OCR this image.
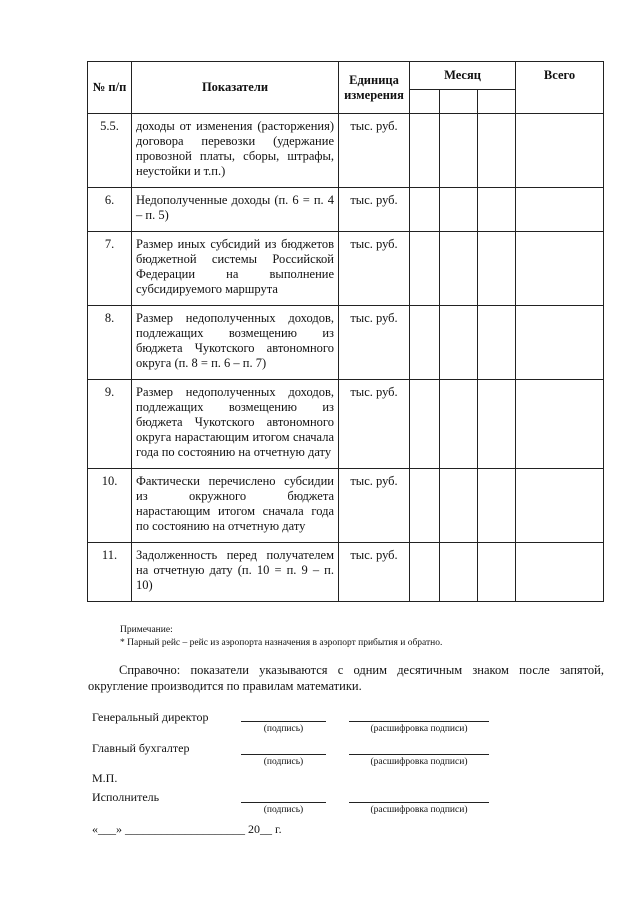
№ п/п	Показатели	Единица измерения	Месяц			Всего

5.5.	доходы от изменения (расторжения) договора перевозки (удержание провозной платы, сборы, штрафы, неустойки и т.п.)	тыс. руб.				
6.	Недополученные доходы (п. 6 = п. 4 – п. 5)	тыс. руб.				
7.	Размер иных субсидий из бюджетов бюджетной системы Российской Федерации на выполнение субсидируемого маршрута	тыс. руб.				
8.	Размер недополученных доходов, подлежащих возмещению из бюджета Чукотского автономного округа (п. 8 = п. 6 – п. 7)	тыс. руб.				
9.	Размер недополученных доходов, подлежащих возмещению из бюджета Чукотского автономного округа нарастающим итогом сначала года по состоянию на отчетную дату	тыс. руб.				
10.	Фактически перечислено субсидии из окружного бюджета нарастающим итогом сначала года по состоянию на отчетную дату	тыс. руб.				
11.	Задолженность перед получателем на отчетную дату (п. 10 = п. 9 – п. 10)	тыс. руб.				
Примечание:
* Парный рейс – рейс из аэропорта назначения в аэропорт прибытия и обратно.
Справочно: показатели указываются с одним десятичным знаком после запятой, округление производится по правилам математики.
Генеральный директор
(подпись)	(расшифровка подписи)
Главный бухгалтер
(подпись)	(расшифровка подписи)
М.П.
Исполнитель
(подпись)	(расшифровка подписи)
«___» ____________________ 20__ г.
